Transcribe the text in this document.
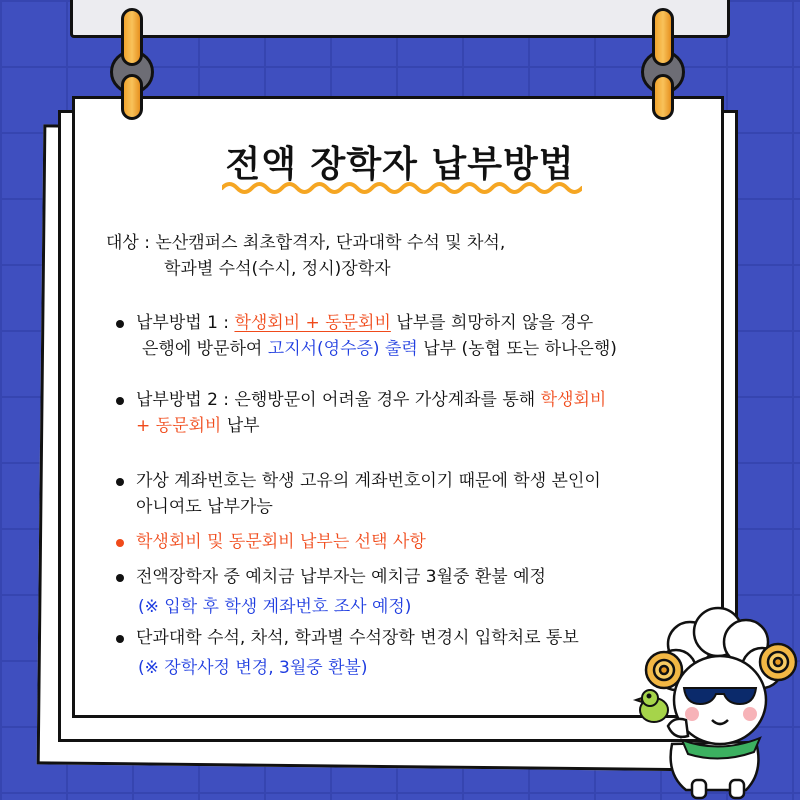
전액 장학자 납부방법
대상 : 논산캠퍼스 최초합격자, 단과대학 수석 및 차석,
학과별 수석(수시, 정시)장학자
납부방법 1 : 학생회비 + 동문회비 납부를 희망하지 않을 경우
은행에 방문하여 고지서(영수증) 출력 납부 (농협 또는 하나은행)
납부방법 2 : 은행방문이 어려울 경우 가상계좌를 통해 학생회비
+ 동문회비 납부
가상 계좌번호는 학생 고유의 계좌번호이기 때문에 학생 본인이
아니여도 납부가능
학생회비 및 동문회비 납부는 선택 사항
전액장학자 중 예치금 납부자는 예치금 3월중 환불 예정
(※ 입학 후 학생 계좌번호 조사 예정)
단과대학 수석, 차석, 학과별 수석장학 변경시 입학처로 통보
(※ 장학사정 변경, 3월중 환불)
